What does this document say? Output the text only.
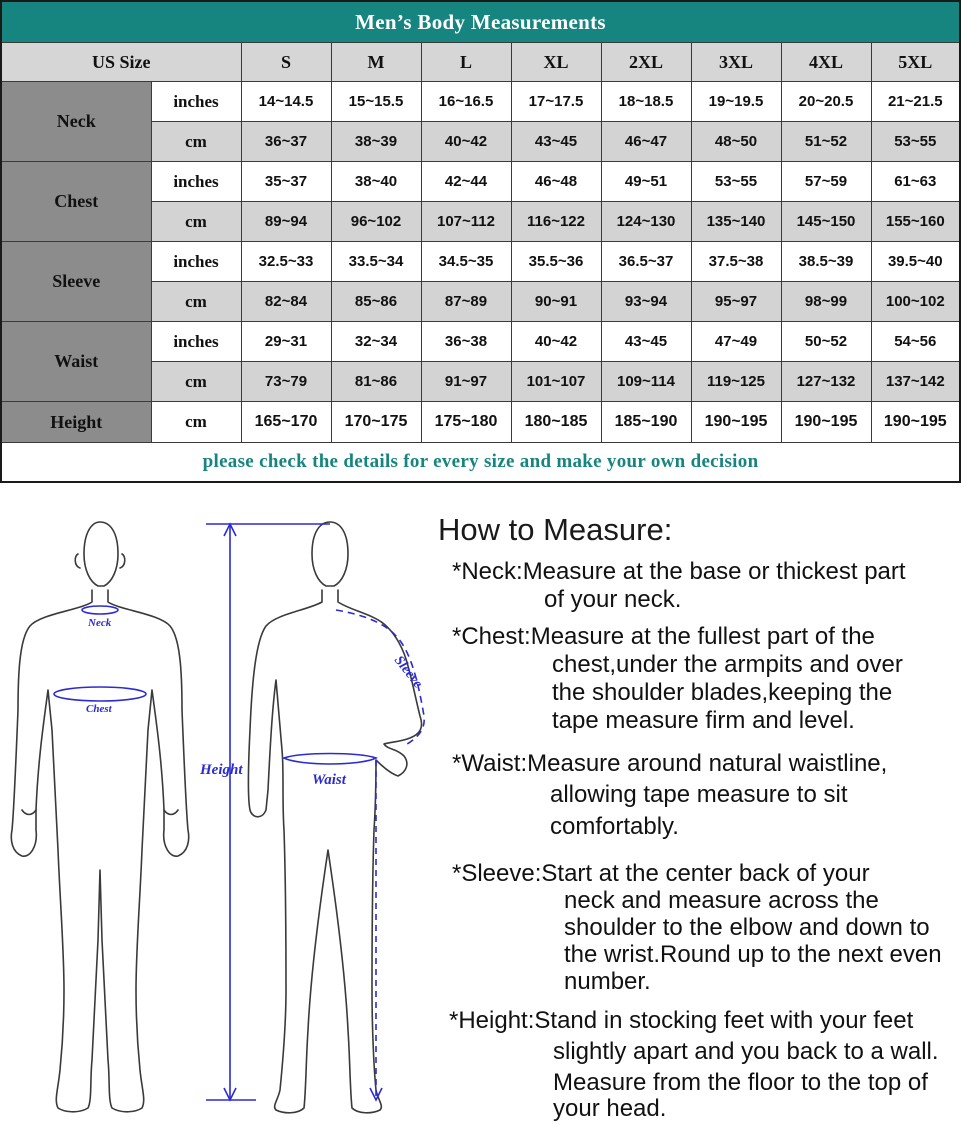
Men’s Body Measurements									
US Size		S	M	L	XL	2XL	3XL	4XL	5XL
Neck	inches	14~14.5	15~15.5	16~16.5	17~17.5	18~18.5	19~19.5	20~20.5	21~21.5
	cm	36~37	38~39	40~42	43~45	46~47	48~50	51~52	53~55
Chest	inches	35~37	38~40	42~44	46~48	49~51	53~55	57~59	61~63
	cm	89~94	96~102	107~112	116~122	124~130	135~140	145~150	155~160
Sleeve	inches	32.5~33	33.5~34	34.5~35	35.5~36	36.5~37	37.5~38	38.5~39	39.5~40
	cm	82~84	85~86	87~89	90~91	93~94	95~97	98~99	100~102
Waist	inches	29~31	32~34	36~38	40~42	43~45	47~49	50~52	54~56
	cm	73~79	81~86	91~97	101~107	109~114	119~125	127~132	137~142
Height	cm	165~170	170~175	175~180	180~185	185~190	190~195	190~195	190~195
please check the details for every size and make your own decision									
Neck
Chest
Height
Waist
Sleeve
How to Measure:
*Neck:Measure at the base or thickest part
of your neck.
*Chest:Measure at the fullest part of the
chest,under the armpits and over
the shoulder blades,keeping the
tape measure firm and level.
*Waist:Measure around natural waistline,
allowing tape measure to sit
comfortably.
*Sleeve:Start at the center back of your
neck and measure across the
shoulder to the elbow and down to
the wrist.Round up to the next even
number.
*Height:Stand in stocking feet with your feet
slightly apart and you back to a wall.
Measure from the floor to the top of
your head.
